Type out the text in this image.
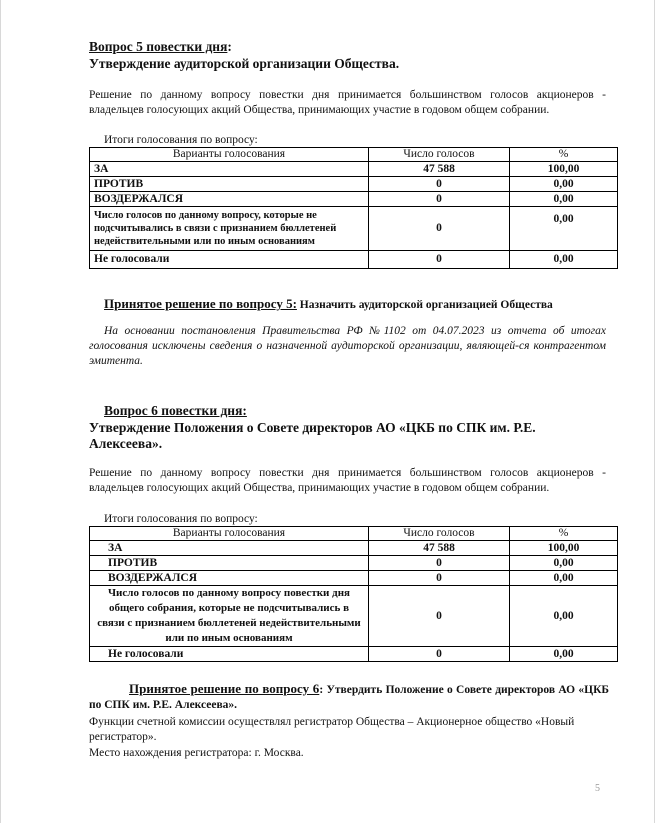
Вопрос 5 повестки дня:
Утверждение аудиторской организации Общества.
Решение по данному вопросу повестки дня принимается большинством голосов акционеров - владельцев голосующих акций Общества, принимающих участие в годовом общем собрании.
Итоги голосования по вопросу:
Варианты голосования	Число голосов	%
ЗА	47 588	100,00
ПРОТИВ	0	0,00
ВОЗДЕРЖАЛСЯ	0	0,00
Число голосов по данному вопросу, которые не подсчитывались в связи с признанием бюллетеней недействительными или по иным основаниям	0	0,00
Не голосовали	0	0,00
Принятое решение по вопросу 5: Назначить аудиторской организацией Общества
На основании постановления Правительства РФ №1102 от 04.07.2023 из отчета об итогах голосования исключены сведения о назначенной аудиторской организации, являющей-ся контрагентом эмитента.
Вопрос 6 повестки дня:
Утверждение Положения о Совете директоров АО «ЦКБ по СПК им. Р.Е. Алексеева».
Решение по данному вопросу повестки дня принимается большинством голосов акционеров - владельцев голосующих акций Общества, принимающих участие в годовом общем собрании.
Итоги голосования по вопросу:
Варианты голосования	Число голосов	%
ЗА	47 588	100,00
ПРОТИВ	0	0,00
ВОЗДЕРЖАЛСЯ	0	0,00
Число голосов по данному вопросу повестки дня общего собрания, которые не подсчитывались в связи с признанием бюллетеней недействительными или по иным основаниям	0	0,00
Не голосовали	0	0,00
Принятое решение по вопросу 6: Утвердить Положение о Совете директоров АО «ЦКБ по СПК им. Р.Е. Алексеева».
Функции счетной комиссии осуществлял регистратор Общества – Акционерное общество «Новый регистратор».
Место нахождения регистратора: г. Москва.
5
